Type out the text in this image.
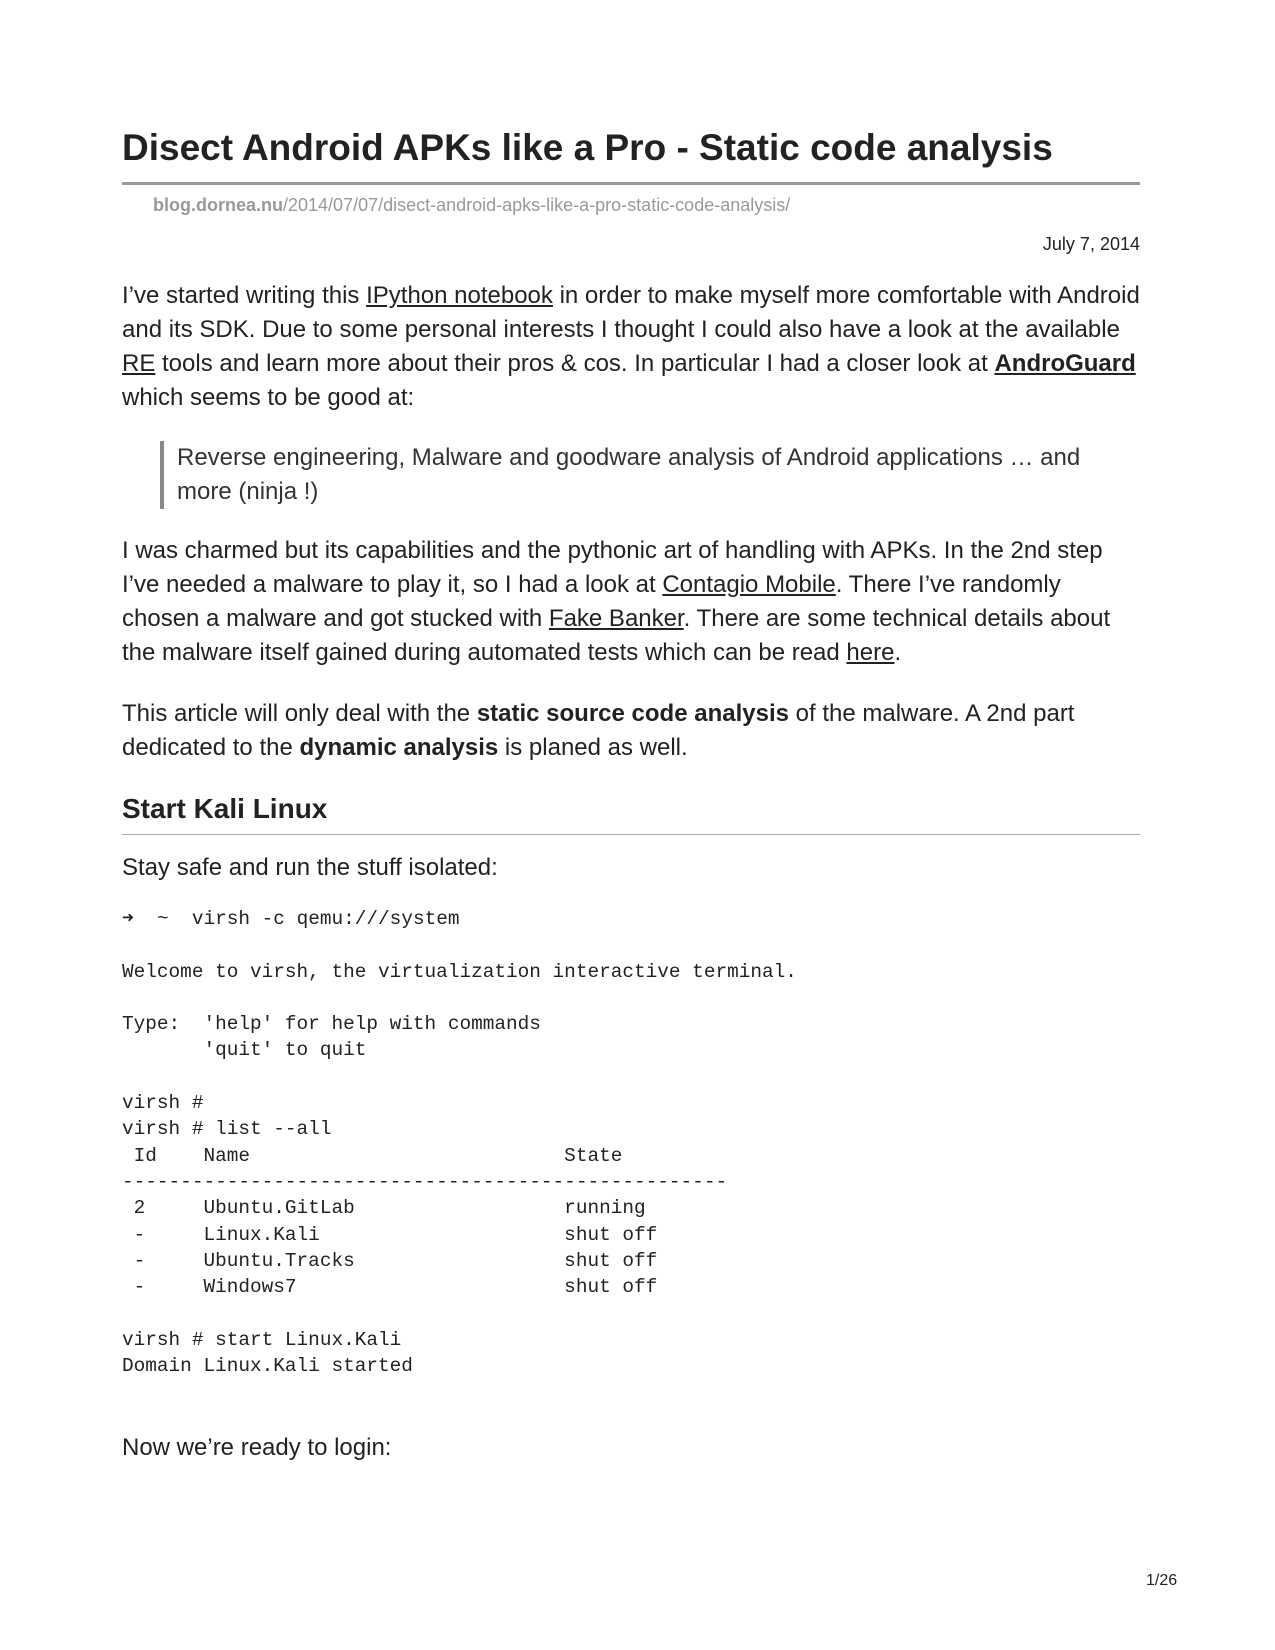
Disect Android APKs like a Pro - Static code analysis
blog.dornea.nu/2014/07/07/disect-android-apks-like-a-pro-static-code-analysis/
July 7, 2014

I’ve started writing this IPython notebook in order to make myself more comfortable with Android and its SDK. Due to some personal interests I thought I could also have a look at the available RE tools and learn more about their pros & cos. In particular I had a closer look at AndroGuard which seems to be good at:

Reverse engineering, Malware and goodware analysis of Android applications … and more (ninja !)

I was charmed but its capabilities and the pythonic art of handling with APKs. In the 2nd step I’ve needed a malware to play it, so I had a look at Contagio Mobile. There I’ve randomly chosen a malware and got stucked with Fake Banker. There are some technical details about the malware itself gained during automated tests which can be read here.

This article will only deal with the static source code analysis of the malware. A 2nd part dedicated to the dynamic analysis is planed as well.

Start Kali Linux

Stay safe and run the stuff isolated:

➜  ~  virsh -c qemu:///system

Welcome to virsh, the virtualization interactive terminal.

Type:  'help' for help with commands
'quit' to quit

virsh #
virsh # list --all
Id    Name                           State
----------------------------------------------------
2     Ubuntu.GitLab                  running
-     Linux.Kali                     shut off
-     Ubuntu.Tracks                  shut off
-     Windows7                       shut off

virsh # start Linux.Kali
Domain Linux.Kali started

Now we’re ready to login:

1/26
